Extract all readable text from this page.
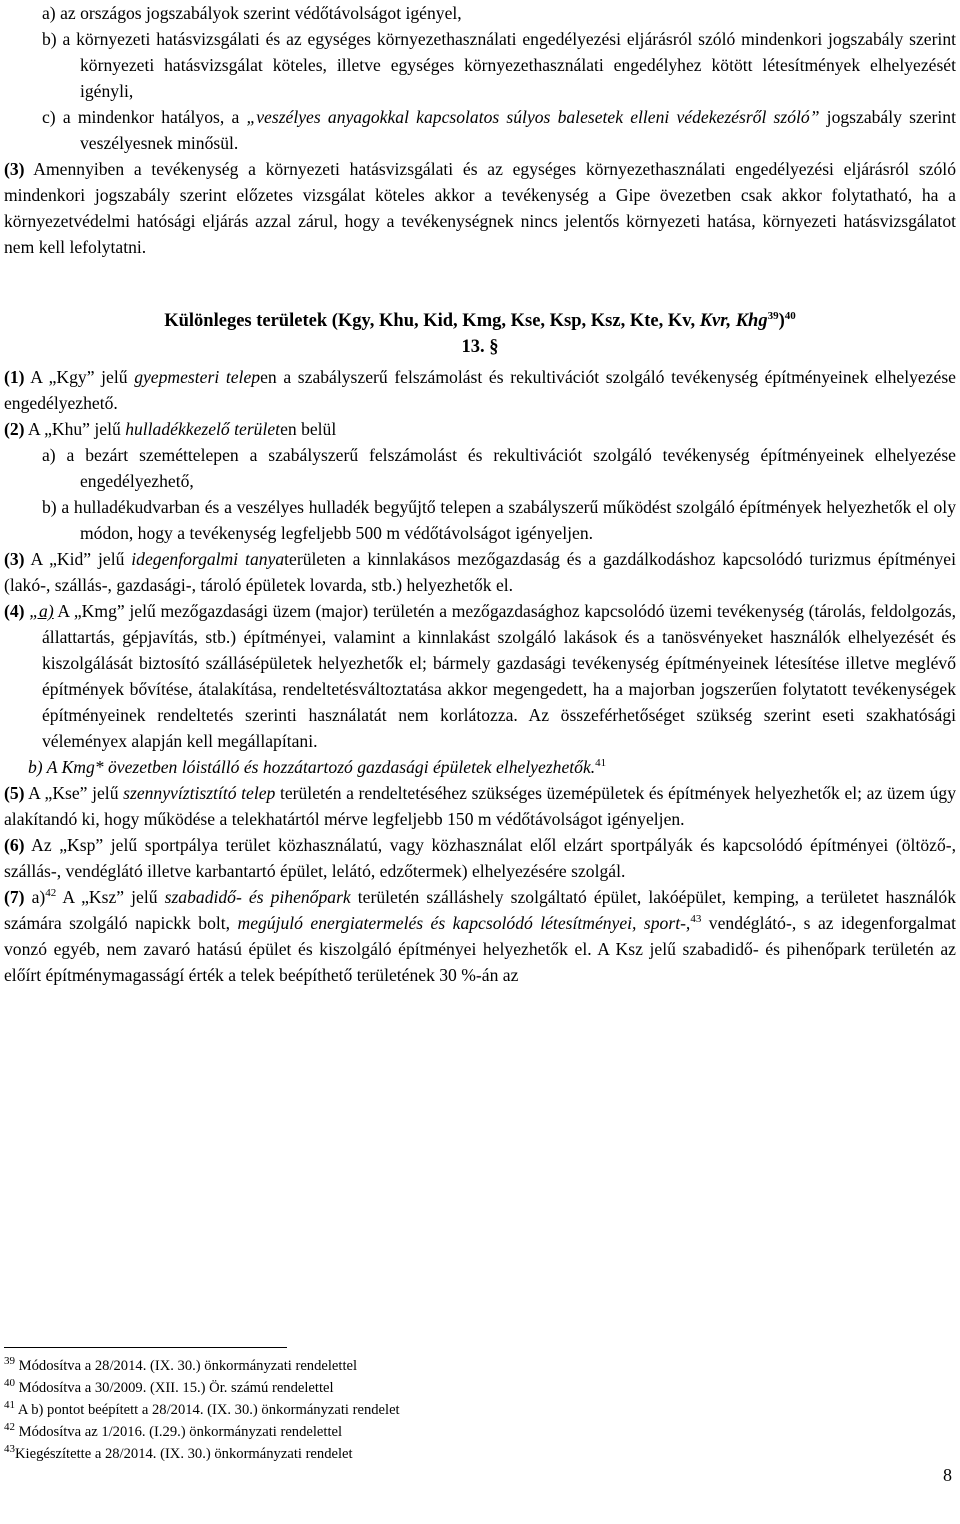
a) az országos jogszabályok szerint védőtávolságot igényel,

b) a környezeti hatásvizsgálati és az egységes környezethasználati engedélyezési eljárásról szóló mindenkori jogszabály szerint környezeti hatásvizsgálat köteles, illetve egységes környezethasználati engedélyhez kötött létesítmények elhelyezését igényli,

c) a mindenkor hatályos, a „veszélyes anyagokkal kapcsolatos súlyos balesetek elleni védekezésről szóló” jogszabály szerint veszélyesnek minősül.

(3) Amennyiben a tevékenység a környezeti hatásvizsgálati és az egységes környezethasználati engedélyezési eljárásról szóló mindenkori jogszabály szerint előzetes vizsgálat köteles akkor a tevékenység a Gipe övezetben csak akkor folytatható, ha a környezetvédelmi hatósági eljárás azzal zárul, hogy a tevékenységnek nincs jelentős környezeti hatása, környezeti hatásvizsgálatot nem kell lefolytatni.

Különleges területek (Kgy, Khu, Kid, Kmg, Kse, Ksp, Ksz, Kte, Kv, Kvr, Khg$^{39}$)$^{40}$

13. §

(1) A „Kgy” jelű gyepmesteri telepen a szabályszerű felszámolást és rekultivációt szolgáló tevékenység építményeinek elhelyezése engedélyezhető.

(2) A „Khu” jelű hulladékkezelő területen belül

a) a bezárt szeméttelepen a szabályszerű felszámolást és rekultivációt szolgáló tevékenység építményeinek elhelyezése engedélyezhető,

b) a hulladékudvarban és a veszélyes hulladék begyűjtő telepen a szabályszerű működést szolgáló építmények helyezhetők el oly módon, hogy a tevékenység legfeljebb 500 m védőtávolságot igényeljen.

(3) A „Kid” jelű idegenforgalmi tanyaterületen a kinnlakásos mezőgazdaság és a gazdálkodáshoz kapcsolódó turizmus építményei (lakó-, szállás-, gazdasági-, tároló épületek lovarda, stb.) helyezhetők el.

(4) „a) A „Kmg” jelű mezőgazdasági üzem (major) területén a mezőgazdasághoz kapcsolódó üzemi tevékenység (tárolás, feldolgozás, állattartás, gépjavítás, stb.) építményei, valamint a kinnlakást szolgáló lakások és a tanösvényeket használók elhelyezését és kiszolgálását biztosító szállásépületek helyezhetők el; bármely gazdasági tevékenység építményeinek létesítése illetve meglévő építmények bővítése, átalakítása, rendeltetésváltoztatása akkor megengedett, ha a majorban jogszerűen folytatott tevékenységek építményeinek rendeltetés szerinti használatát nem korlátozza. Az összeférhetőséget szükség szerint eseti szakhatósági véleményex alapján kell megállapítani.

b) A Kmg* övezetben lóistálló és hozzátartozó gazdasági épületek elhelyezhetők.$^{41}$

(5) A „Kse” jelű szennyvíztisztító telep területén a rendeltetéséhez szükséges üzemépületek és építmények helyezhetők el; az üzem úgy alakítandó ki, hogy működése a telekhatártól mérve legfeljebb 150 m védőtávolságot igényeljen.

(6) Az „Ksp” jelű sportpálya terület közhasználatú, vagy közhasználat elől elzárt sportpályák és kapcsolódó építményei (öltöző-, szállás-, vendéglátó illetve karbantartó épület, lelátó, edzőtermek) elhelyezésére szolgál.

(7) a)$^{42}$ A „Ksz” jelű szabadidő- és pihenőpark területén szálláshely szolgáltató épület, lakóépület, kemping, a területet használók számára szolgáló napickk bolt, megújuló energiatermelés és kapcsolódó létesítményei, sport-,$^{43}$ vendéglátó-, s az idegenforgalmat vonzó egyéb, nem zavaró hatású épület és kiszolgáló építményei helyezhetők el. A Ksz jelű szabadidő- és pihenőpark területén az előírt építménymagasságí érték a telek beépíthető területének 30 %-án az

$^{39}$ Módosítva a 28/2014. (IX. 30.) önkormányzati rendelettel

$^{40}$ Módosítva a 30/2009. (XII. 15.) Ör. számú rendelettel

$^{41}$ A b) pontot beépített a 28/2014. (IX. 30.) önkormányzati rendelet

$^{42}$ Módosítva az 1/2016. (I.29.) önkormányzati rendelettel

$^{43}$Kiegészítette a 28/2014. (IX. 30.) önkormányzati rendelet

8
